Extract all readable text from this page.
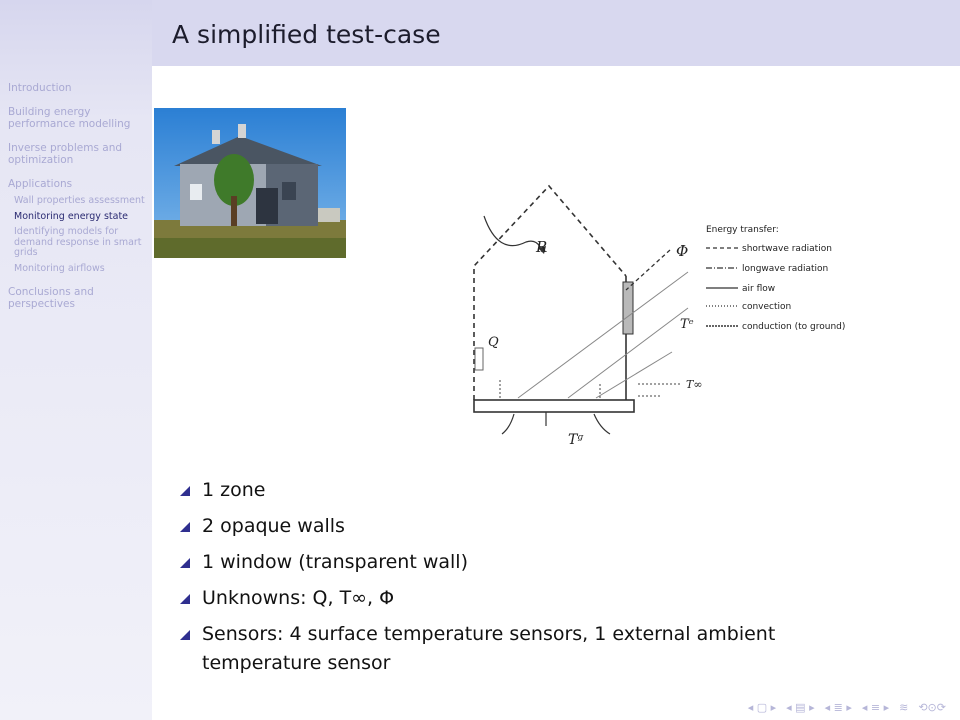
Introduction
Building energy performance modelling
Inverse problems and optimization
Applications
Wall properties assessment
Monitoring energy state
Identifying models for demand response in smart grids
Monitoring airflows
Conclusions and perspectives
A simplified test-case
R
Q
Φ
Tᵉ
T∞
Tᵍ
Energy transfer:
shortwave radiation
longwave radiation
air flow
convection
conduction (to ground)
1 zone
2 opaque walls
1 window (transparent wall)
Unknowns: Q, T∞, Φ
Sensors: 4 surface temperature sensors, 1 external ambient temperature sensor
◂ ▢ ▸ ◂ ▤ ▸ ◂ ≣ ▸ ◂ ≡ ▸ ≋ ⟲⊙⟳
